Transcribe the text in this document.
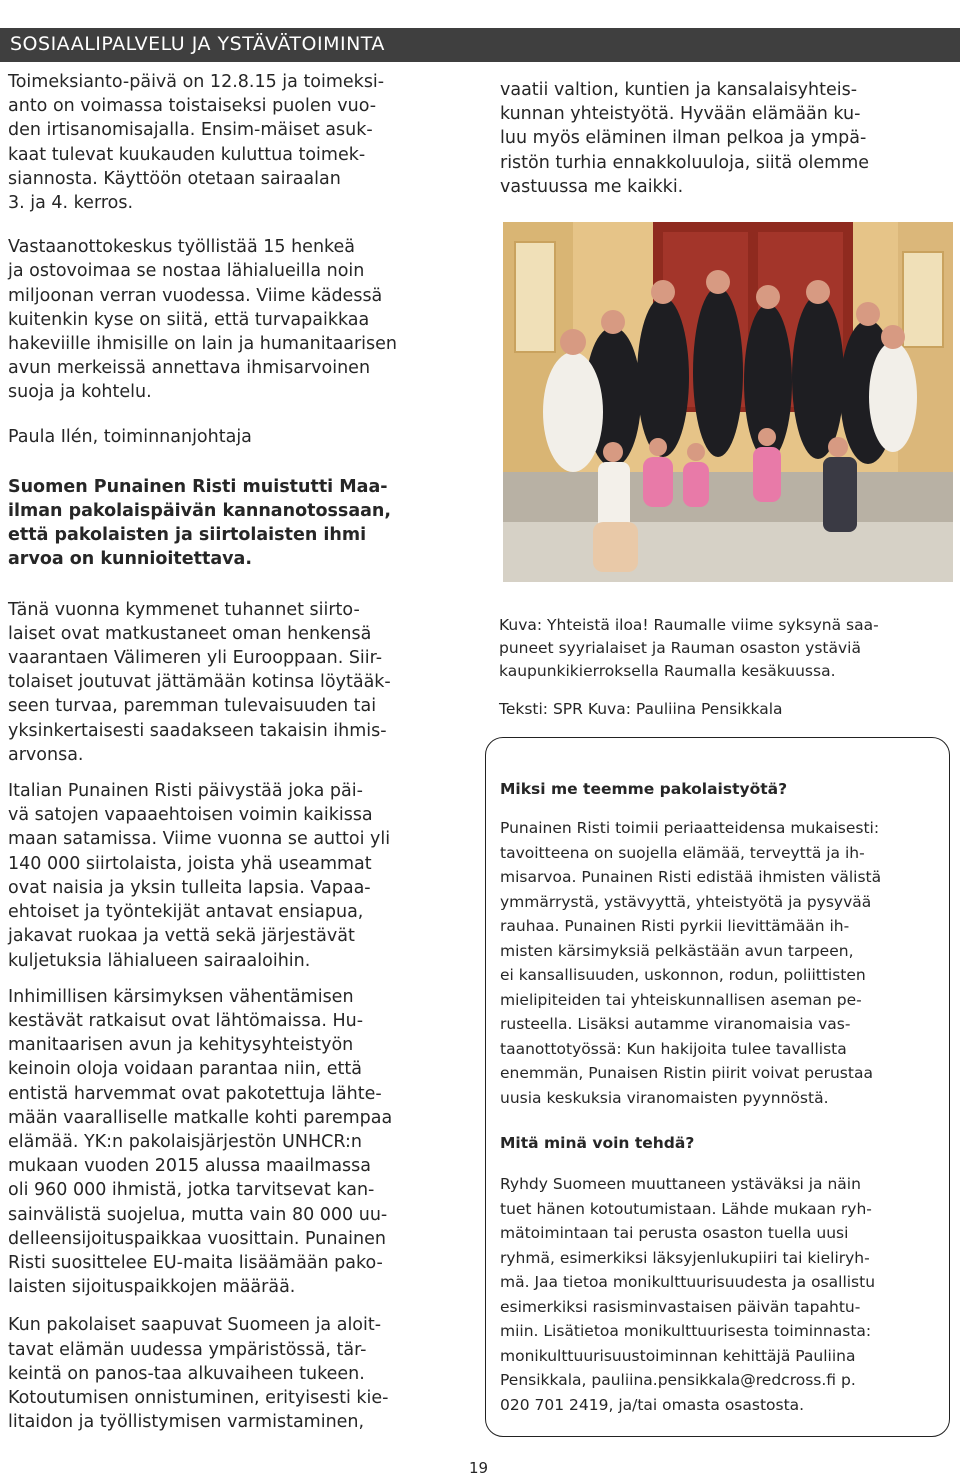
SOSIAALIPALVELU JA YSTÄVÄTOIMINTA

Toimeksianto-päivä on 12.8.15 ja toimeksi-
anto on voimassa toistaiseksi puolen vuo-
den irtisanomisajalla. Ensim-mäiset asuk-
kaat tulevat kuukauden kuluttua toimek-
siannosta. Käyttöön otetaan sairaalan
3. ja 4. kerros.

Vastaanottokeskus työllistää 15 henkeä
ja ostovoimaa se nostaa lähialueilla noin
miljoonan verran vuodessa. Viime kädessä
kuitenkin kyse on siitä, että turvapaikkaa
hakeviille ihmisille on lain ja humanitaarisen
avun merkeissä annettava ihmisarvoinen
suoja ja kohtelu.

Paula Ilén, toiminnanjohtaja

Suomen Punainen Risti muistutti Maa-
ilman pakolaispäivän kannanotossaan,
että pakolaisten ja siirtolaisten ihmi
arvoa on kunnioitettava.

Tänä vuonna kymmenet tuhannet siirto-
laiset ovat matkustaneet oman henkensä
vaarantaen Välimeren yli Eurooppaan. Siir-
tolaiset joutuvat jättämään kotinsa löytääk-
seen turvaa, paremman tulevaisuuden tai
yksinkertaisesti saadakseen takaisin ihmis-
arvonsa.

Italian Punainen Risti päivystää joka päi-
vä satojen vapaaehtoisen voimin kaikissa
maan satamissa. Viime vuonna se auttoi yli
140 000 siirtolaista, joista yhä useammat
ovat naisia ja yksin tulleita lapsia. Vapaa-
ehtoiset ja työntekijät antavat ensiapua,
jakavat ruokaa ja vettä sekä järjestävät
kuljetuksia lähialueen sairaaloihin.

Inhimillisen kärsimyksen vähentämisen
kestävät ratkaisut ovat lähtömaissa. Hu-
manitaarisen avun ja kehitysyhteistyön
keinoin oloja voidaan parantaa niin, että
entistä harvemmat ovat pakotettuja lähte-
mään vaaralliselle matkalle kohti parempaa
elämää. YK:n pakolaisjärjestön UNHCR:n
mukaan vuoden 2015 alussa maailmassa
oli 960 000 ihmistä, jotka tarvitsevat kan-
sainvälistä suojelua, mutta vain 80 000 uu-
delleensijoituspaikkaa vuosittain. Punainen
Risti suosittelee EU-maita lisäämään pako-
laisten sijoituspaikkojen määrää.

Kun pakolaiset saapuvat Suomeen ja aloit-
tavat elämän uudessa ympäristössä, tär-
keintä on panos-taa alkuvaiheen tukeen.
Kotoutumisen onnistuminen, erityisesti kie-
litaidon ja työllistymisen varmistaminen,

vaatii valtion, kuntien ja kansalaisyhteis-
kunnan yhteistyötä. Hyvään elämään ku-
luu myös eläminen ilman pelkoa ja ympä-
ristön turhia ennakkoluuloja, siitä olemme
vastuussa me kaikki.

Kuva: Yhteistä iloa! Raumalle viime syksynä saa-
puneet syyrialaiset ja Rauman osaston ystäviä
kaupunkikierroksella Raumalla kesäkuussa.
Teksti: SPR Kuva: Pauliina Pensikkala
Miksi me teemme pakolaistyötä?
Punainen Risti toimii periaatteidensa mukaisesti:
tavoitteena on suojella elämää, terveyttä ja ih-
misarvoa. Punainen Risti edistää ihmisten välistä
ymmärrystä, ystävyyttä, yhteistyötä ja pysyvää
rauhaa. Punainen Risti pyrkii lievittämään ih-
misten kärsimyksiä pelkästään avun tarpeen,
ei kansallisuuden, uskonnon, rodun, poliittisten
mielipiteiden tai yhteiskunnallisen aseman pe-
rusteella. Lisäksi autamme viranomaisia vas-
taanottotyössä: Kun hakijoita tulee tavallista
enemmän, Punaisen Ristin piirit voivat perustaa
uusia keskuksia viranomaisten pyynnöstä.
Mitä minä voin tehdä?
Ryhdy Suomeen muuttaneen ystäväksi ja näin
tuet hänen kotoutumistaan. Lähde mukaan ryh-
mätoimintaan tai perusta osaston tuella uusi
ryhmä, esimerkiksi läksyjenlukupiiri tai kieliryh-
mä. Jaa tietoa monikulttuurisuudesta ja osallistu
esimerkiksi rasisminvastaisen päivän tapahtu-
miin. Lisätietoa monikulttuurisesta toiminnasta:
monikulttuurisuustoiminnan kehittäjä Pauliina
Pensikkala, pauliina.pensikkala@redcross.fi p.
020 701 2419, ja/tai omasta osastosta.
19
